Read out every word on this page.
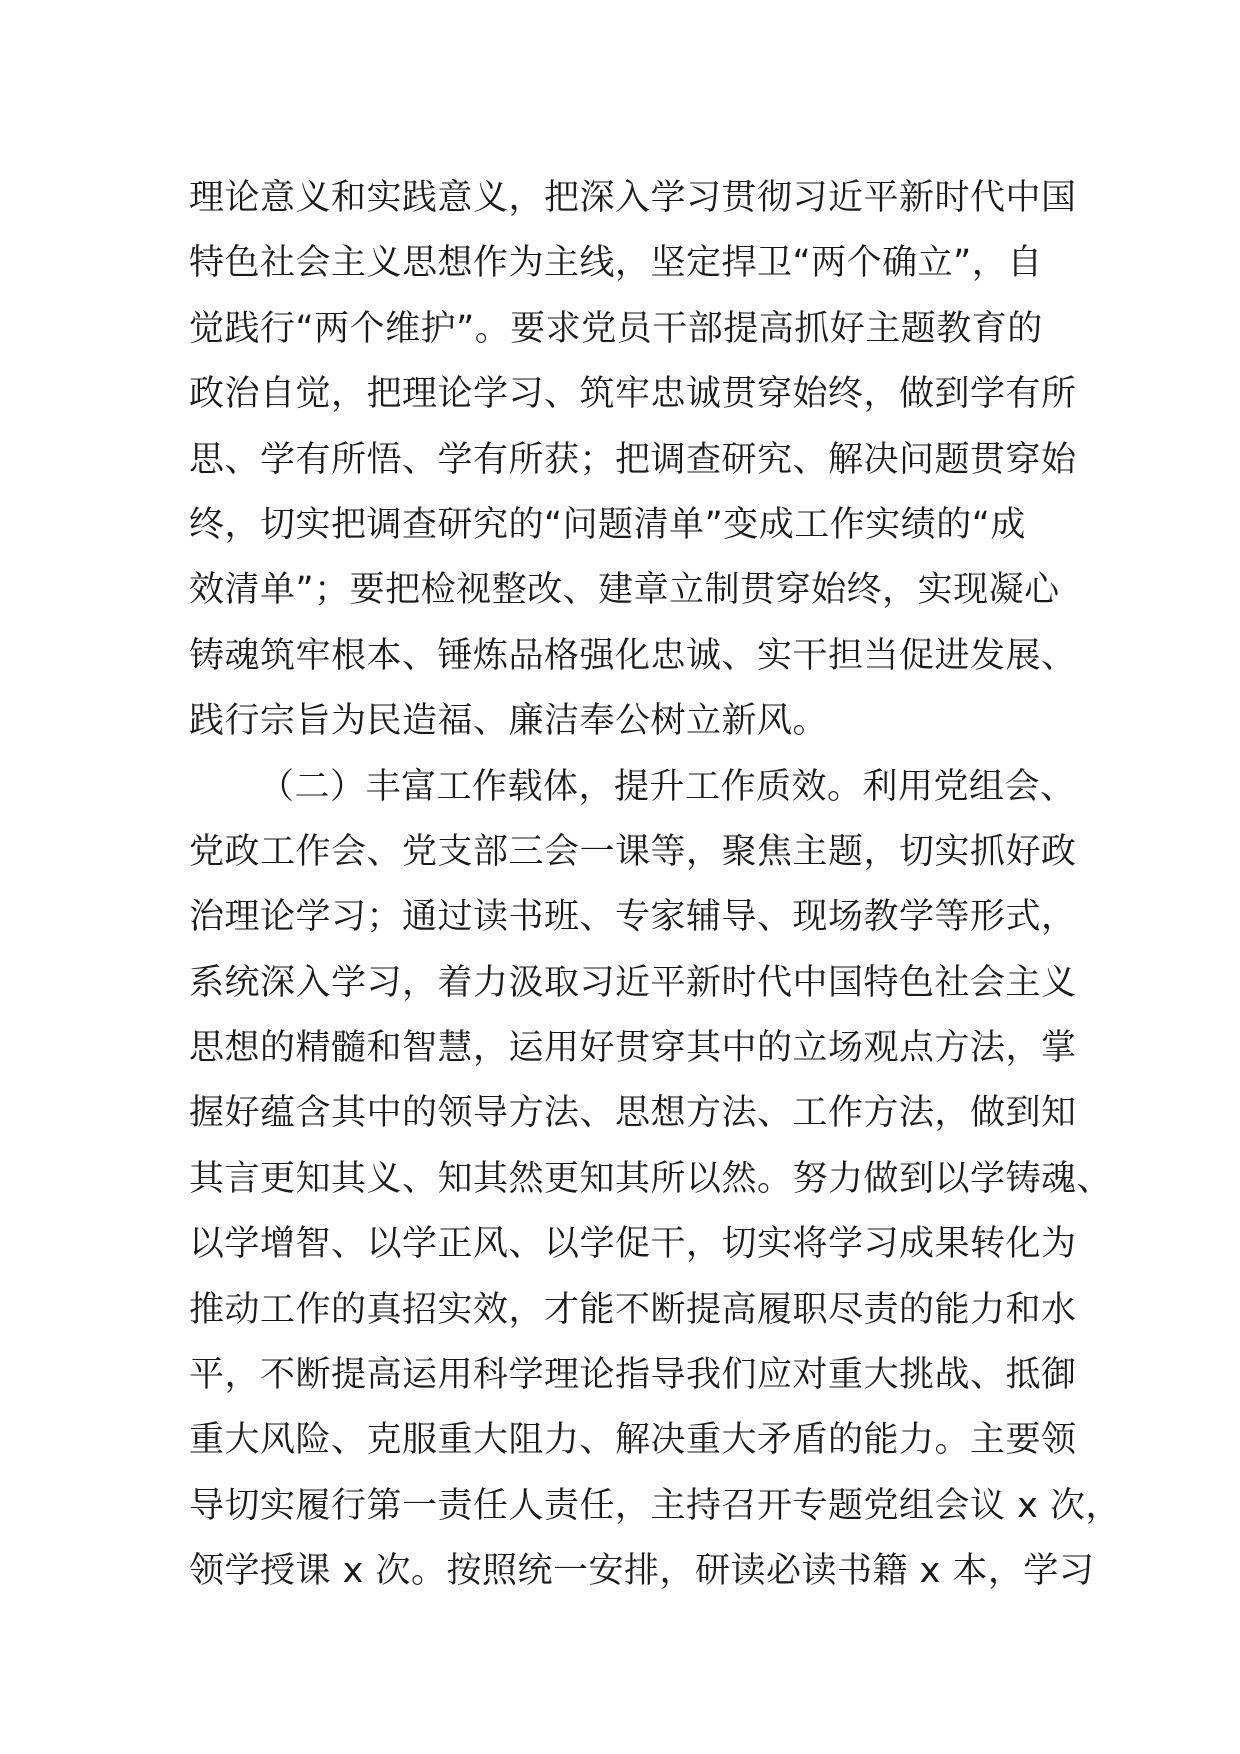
理论意义和实践意义，把深入学习贯彻习近平新时代中国
特色社会主义思想作为主线，坚定捍卫“两个确立”，自
觉践行“两个维护”。要求党员干部提高抓好主题教育的
政治自觉，把理论学习、筑牢忠诚贯穿始终，做到学有所
思、学有所悟、学有所获；把调查研究、解决问题贯穿始
终，切实把调查研究的“问题清单”变成工作实绩的“成
效清单”；要把检视整改、建章立制贯穿始终，实现凝心
铸魂筑牢根本、锤炼品格强化忠诚、实干担当促进发展、
践行宗旨为民造福、廉洁奉公树立新风。
（二）丰富工作载体，提升工作质效。利用党组会、
党政工作会、党支部三会一课等，聚焦主题，切实抓好政
治理论学习；通过读书班、专家辅导、现场教学等形式，
系统深入学习，着力汲取习近平新时代中国特色社会主义
思想的精髓和智慧，运用好贯穿其中的立场观点方法，掌
握好蕴含其中的领导方法、思想方法、工作方法，做到知
其言更知其义、知其然更知其所以然。努力做到以学铸魂、
以学增智、以学正风、以学促干，切实将学习成果转化为
推动工作的真招实效，才能不断提高履职尽责的能力和水
平，不断提高运用科学理论指导我们应对重大挑战、抵御
重大风险、克服重大阻力、解决重大矛盾的能力。主要领
导切实履行第一责任人责任，主持召开专题党组会议 x 次，
领学授课 x 次。按照统一安排，研读必读书籍 x 本，学习
